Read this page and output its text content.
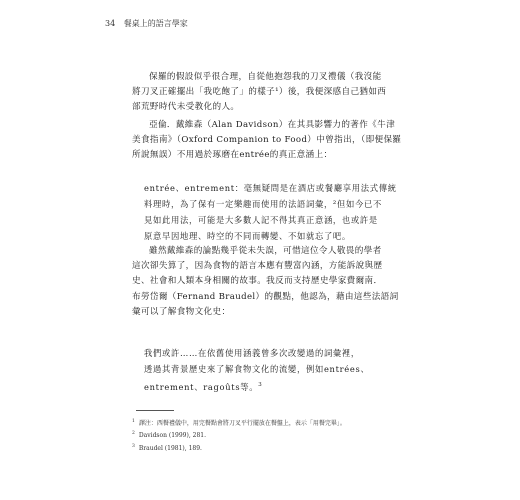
34 餐桌上的語言學家
保羅的假設似乎很合理，自從他抱怨我的刀叉禮儀（我沒能
將刀叉正確擺出「我吃飽了」的樣子¹）後，我便深感自己猶如西
部荒野時代未受教化的人。
亞倫．戴維森（Alan Davidson）在其具影響力的著作《牛津
美食指南》（Oxford Companion to Food）中曾指出，（即便保羅
所說無誤）不用過於琢磨在entrée的真正意涵上：
entrée、entrement：毫無疑問是在酒店或餐廳享用法式傳統
料理時，為了保有一定樂趣而使用的法語詞彙，²但如今已不
見如此用法，可能是大多數人記不得其真正意涵，也或許是
原意早因地理、時空的不同而轉變、不如就忘了吧。
雖然戴維森的論點幾乎從未失誤，可惜這位令人敬畏的學者
這次卻失算了，因為食物的語言本應有豐富內涵，方能訴說與歷
史、社會和人類本身相關的故事。我反而支持歷史學家費爾南．
布勞岱爾（Fernand Braudel）的觀點，他認為，藉由這些法語詞
彙可以了解食物文化史：
我們或許……在依舊使用涵義曾多次改變過的詞彙裡，
透過其背景歷史來了解食物文化的流變，例如entrées、
entrement、ragoûts等。$^3$
$^1$ 譯注：西餐禮儀中，用完餐點會將刀叉平行擺放在餐盤上，表示「用餐完畢」。
$^2$ Davidson (1999), 281.
$^3$ Braudel (1981), 189.
